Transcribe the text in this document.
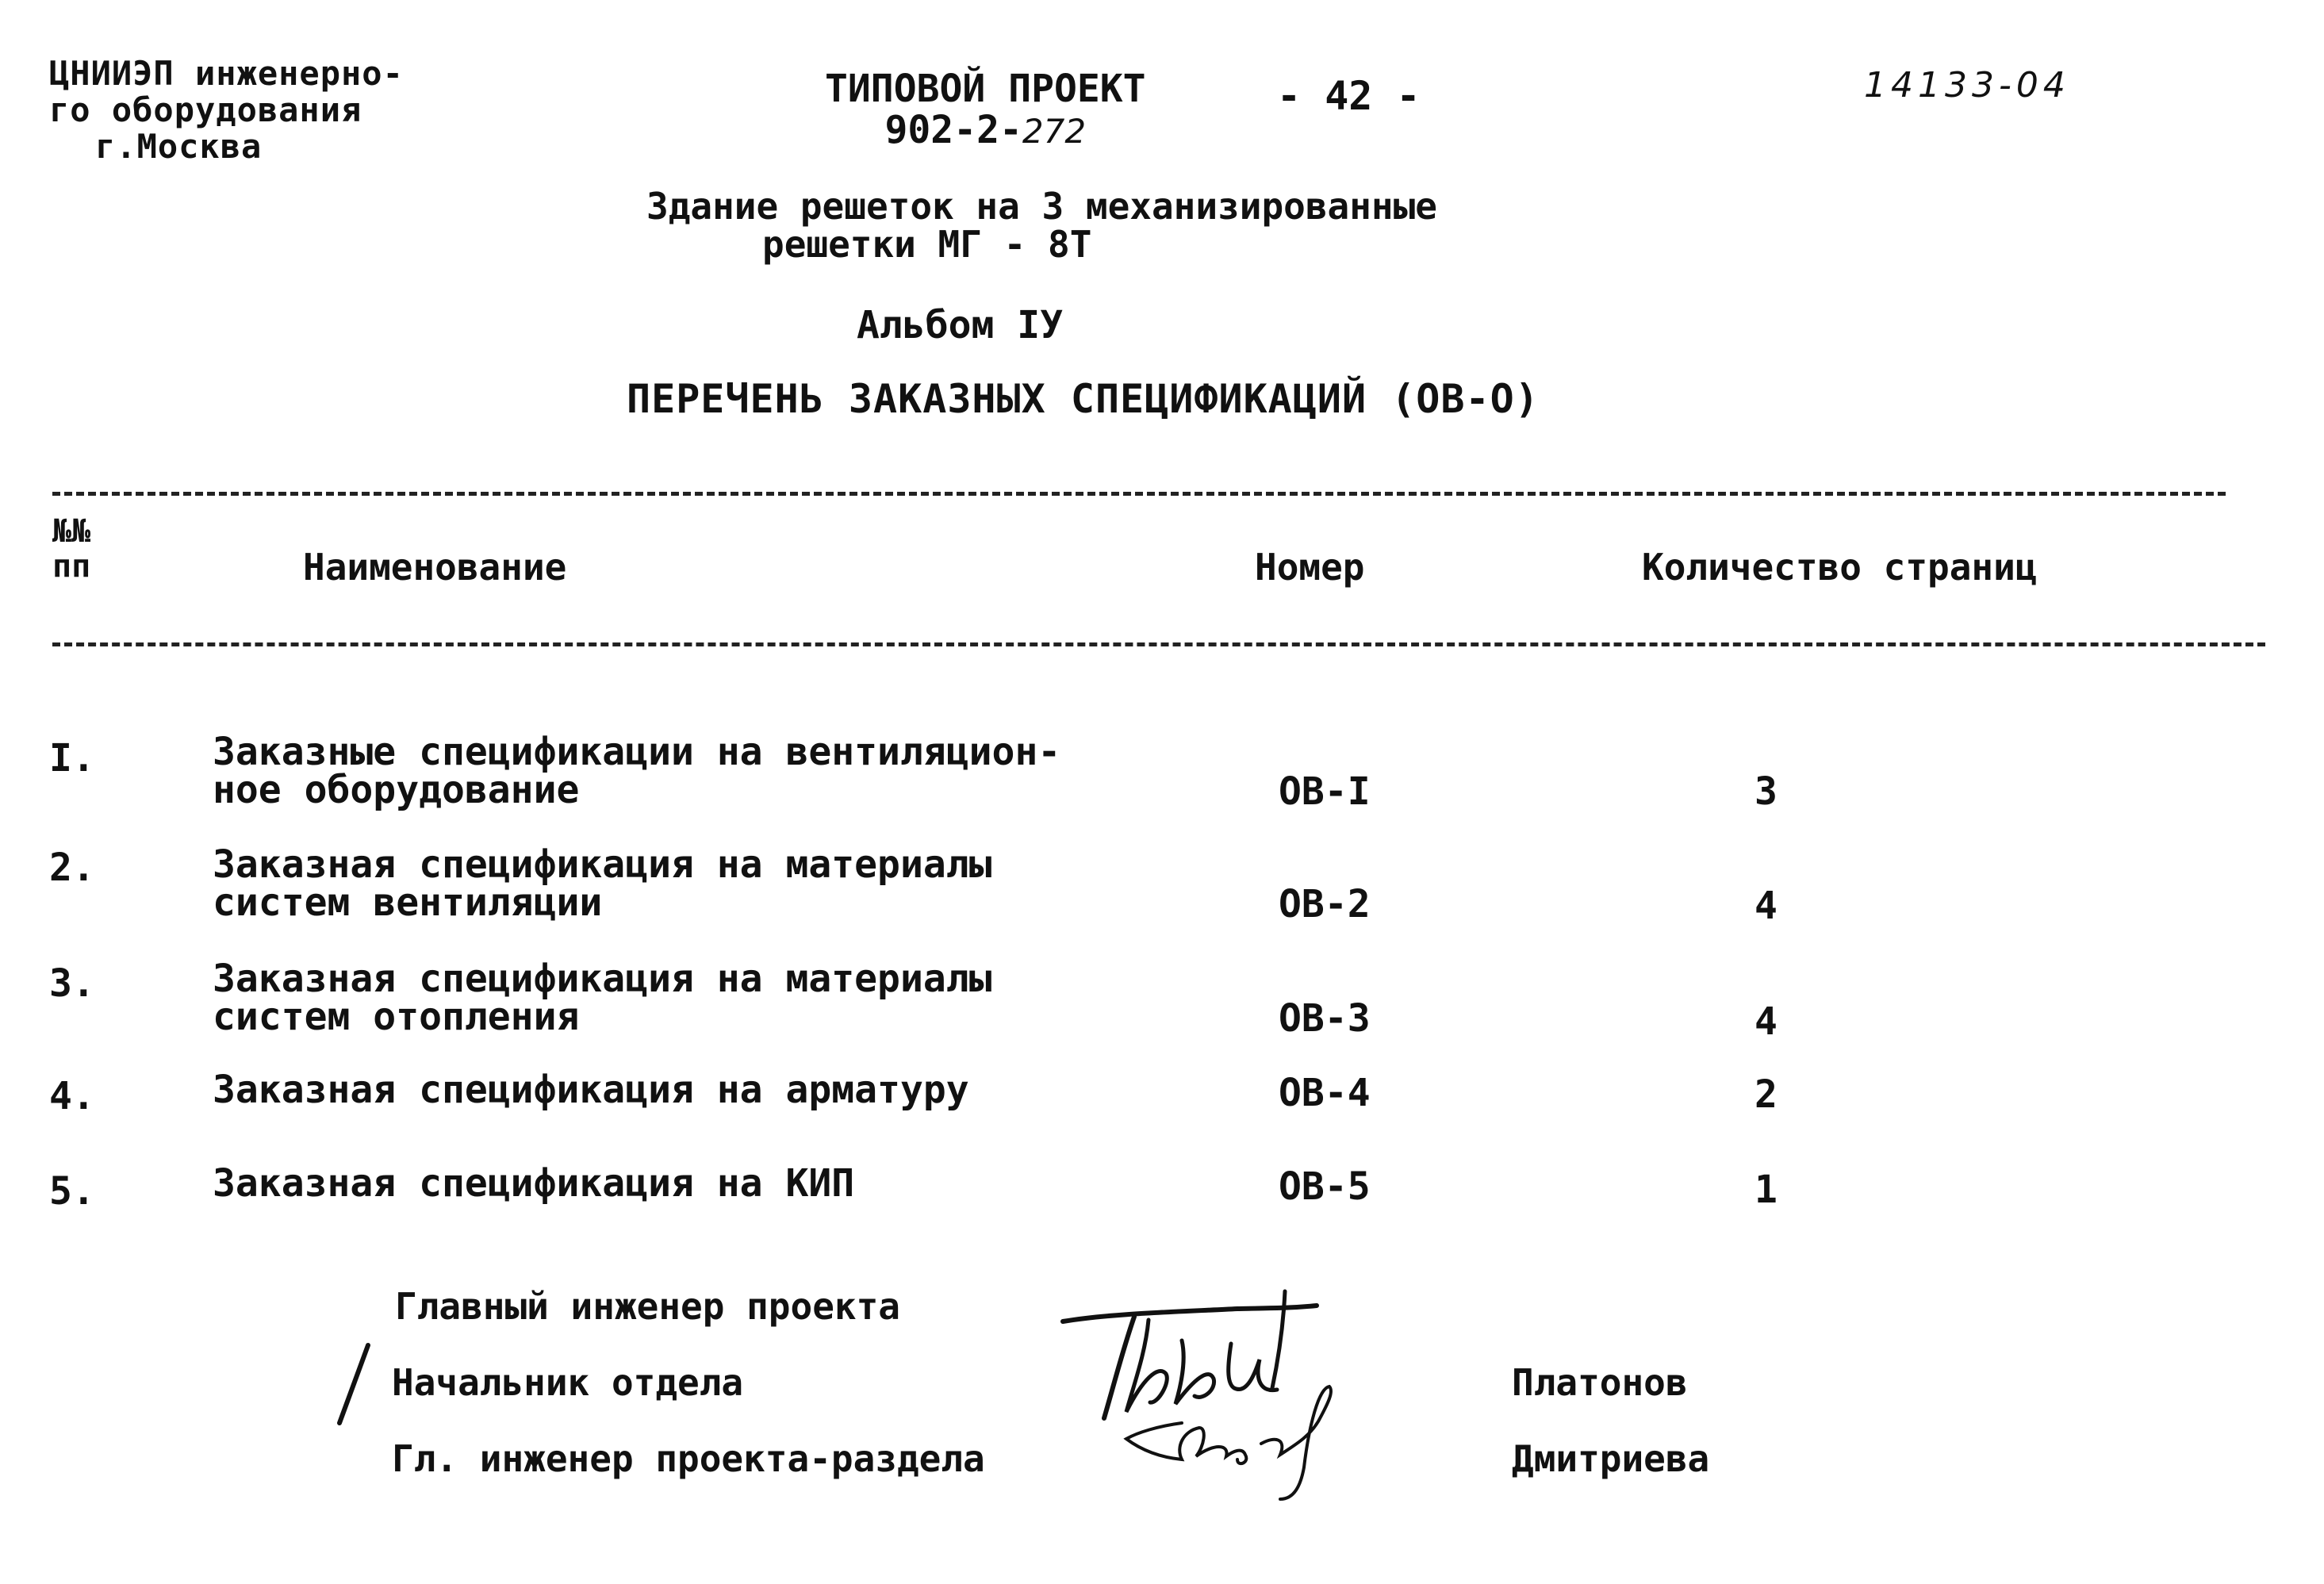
ЦНИИЭП инженерно-
го оборудования
г.Москва
ТИПОВОЙ ПРОЕКТ
902-2-272
- 42 -	14133-04
Здание решеток на 3 механизированные
решетки МГ - 8Т
Альбом IУ
ПЕРЕЧЕНЬ ЗАКАЗНЫХ СПЕЦИФИКАЦИЙ (ОВ-О)
№№
пп	Наименование	Номер	Количество страниц
I.	Заказные спецификации на вентиляцион-
ное оборудование	ОВ-I	3
2.	Заказная спецификация на материалы
систем вентиляции	ОВ-2	4
3.	Заказная спецификация на материалы
систем отопления	ОВ-3	4
4.	Заказная спецификация на арматуру	ОВ-4	2
5.	Заказная спецификация на КИП	ОВ-5	1
Главный инженер проекта
Начальник отдела
Гл. инженер проекта-раздела
Платонов
Дмитриева
